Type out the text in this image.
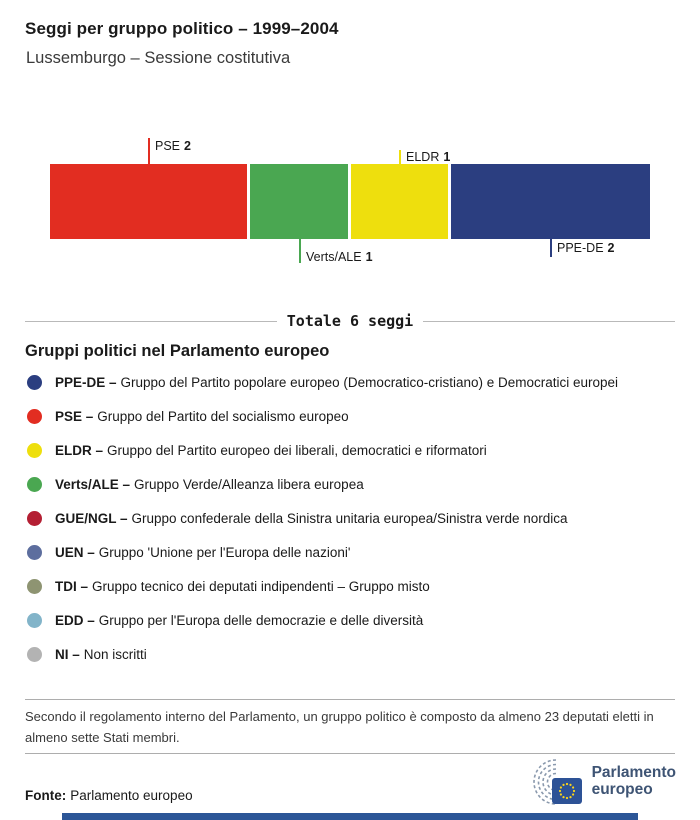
Seggi per gruppo politico – 1999–2004
Lussemburgo – Sessione costitutiva
PSE 2
Verts/ALE 1
ELDR 1
PPE-DE 2
Totale 6 seggi
Gruppi politici nel Parlamento europeo
PPE-DE – Gruppo del Partito popolare europeo (Democratico-cristiano) e Democratici europei
PSE – Gruppo del Partito del socialismo europeo
ELDR – Gruppo del Partito europeo dei liberali, democratici e riformatori
Verts/ALE – Gruppo Verde/Alleanza libera europea
GUE/NGL – Gruppo confederale della Sinistra unitaria europea/Sinistra verde nordica
UEN – Gruppo 'Unione per l'Europa delle nazioni'
TDI – Gruppo tecnico dei deputati indipendenti – Gruppo misto
EDD – Gruppo per l'Europa delle democrazie e delle diversità
NI – Non iscritti
Secondo il regolamento interno del Parlamento, un gruppo politico è composto da almeno 23 deputati eletti in almeno sette Stati membri.
Fonte: Parlamento europeo
Parlamento
europeo
